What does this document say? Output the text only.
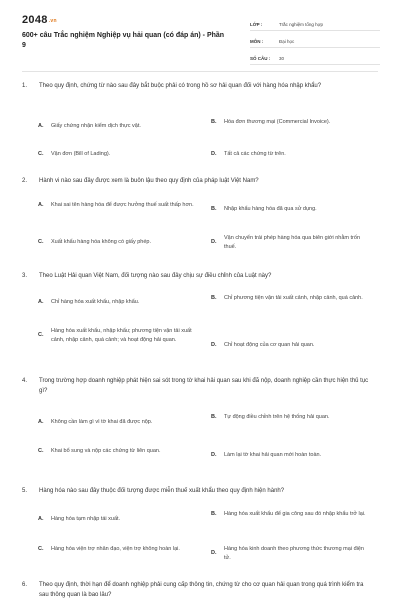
2048.vn
600+ câu Trắc nghiệm Nghiệp vụ hải quan (có đáp án) - Phần 9
LỚP :	Trắc nghiệm tổng hợp
MÔN :	Đại học
SỐ CÂU :	30
1.	Theo quy định, chứng từ nào sau đây bắt buộc phải có trong hồ sơ hải quan đối với hàng hóa nhập khẩu?
A.	Giấy chứng nhận kiểm dịch thực vật.
B.	Hóa đơn thương mại (Commercial Invoice).
C.	Vận đơn (Bill of Lading).	D.	Tất cả các chứng từ trên.
2.	Hành vi nào sau đây được xem là buôn lậu theo quy định của pháp luật Việt Nam?
A.	Khai sai tên hàng hóa để được hưởng thuế suất thấp hơn.
B.	Nhập khẩu hàng hóa đã qua sử dụng.
C.	Xuất khẩu hàng hóa không có giấy phép.	D.
Vận chuyển trái phép hàng hóa qua biên giới nhằm trốn thuế.
3.	Theo Luật Hải quan Việt Nam, đối tượng nào sau đây chịu sự điều chỉnh của Luật này?
A.	Chỉ hàng hóa xuất khẩu, nhập khẩu.
B.	Chỉ phương tiện vận tải xuất cảnh, nhập cảnh, quá cảnh.
C.
Hàng hóa xuất khẩu, nhập khẩu; phương tiện vận tải xuất cảnh, nhập cảnh, quá cảnh; và hoạt động hải quan.
D.	Chỉ hoạt động của cơ quan hải quan.
4.	Trong trường hợp doanh nghiệp phát hiện sai sót trong tờ khai hải quan sau khi đã nộp, doanh nghiệp cần thực hiện thủ tục gì?
A.	Không cần làm gì vì tờ khai đã được nộp.
B.	Tự động điều chỉnh trên hệ thống hải quan.
C.	Khai bổ sung và nộp các chứng từ liên quan.
D.	Làm lại tờ khai hải quan mới hoàn toàn.
5.	Hàng hóa nào sau đây thuộc đối tượng được miễn thuế xuất khẩu theo quy định hiện hành?
A.	Hàng hóa tạm nhập tái xuất.
B.	Hàng hóa xuất khẩu để gia công sau đó nhập khẩu trở lại.
C.	Hàng hóa viện trợ nhân đạo, viện trợ không hoàn lại.
D.
Hàng hóa kinh doanh theo phương thức thương mại điện tử.
6.	Theo quy định, thời hạn để doanh nghiệp phải cung cấp thông tin, chứng từ cho cơ quan hải quan trong quá trình kiểm tra sau thông quan là bao lâu?
